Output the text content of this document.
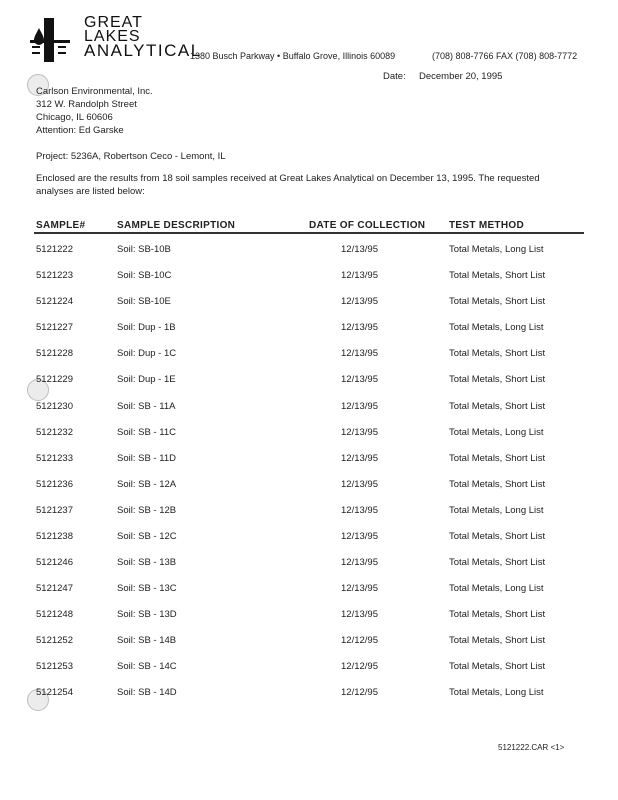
GREAT
LAKES
ANALYTICAL
1380 Busch Parkway • Buffalo Grove, Illinois 60089	(708) 808-7766 FAX (708) 808-7772
Date: December 20, 1995
Carlson Environmental, Inc.
312 W. Randolph Street
Chicago, IL 60606
Attention: Ed Garske
Project: 5236A, Robertson Ceco - Lemont, IL
Enclosed are the results from 18 soil samples received at Great Lakes Analytical on December 13, 1995. The requested
analyses are listed below:
SAMPLE#	SAMPLE DESCRIPTION	DATE OF COLLECTION TEST METHOD
5121222	Soil: SB-10B	12/13/95	Total Metals, Long List
5121223	Soil: SB-10C	12/13/95	Total Metals, Short List
5121224	Soil: SB-10E	12/13/95	Total Metals, Short List
5121227	Soil: Dup - 1B	12/13/95	Total Metals, Long List
5121228	Soil: Dup - 1C	12/13/95	Total Metals, Short List
5121229	Soil: Dup - 1E	12/13/95	Total Metals, Short List
5121230	Soil: SB - 11A	12/13/95	Total Metals, Short List
5121232	Soil: SB - 11C	12/13/95	Total Metals, Long List
5121233	Soil: SB - 11D	12/13/95	Total Metals, Short List
5121236	Soil: SB - 12A	12/13/95	Total Metals, Short List
5121237	Soil: SB - 12B	12/13/95	Total Metals, Long List
5121238	Soil: SB - 12C	12/13/95	Total Metals, Short List
5121246	Soil: SB - 13B	12/13/95	Total Metals, Short List
5121247	Soil: SB - 13C	12/13/95	Total Metals, Long List
5121248	Soil: SB - 13D	12/13/95	Total Metals, Short List
5121252	Soil: SB - 14B	12/12/95	Total Metals, Short List
5121253	Soil: SB - 14C	12/12/95	Total Metals, Short List
5121254	Soil: SB - 14D	12/12/95	Total Metals, Long List
5121222.CAR <1>
